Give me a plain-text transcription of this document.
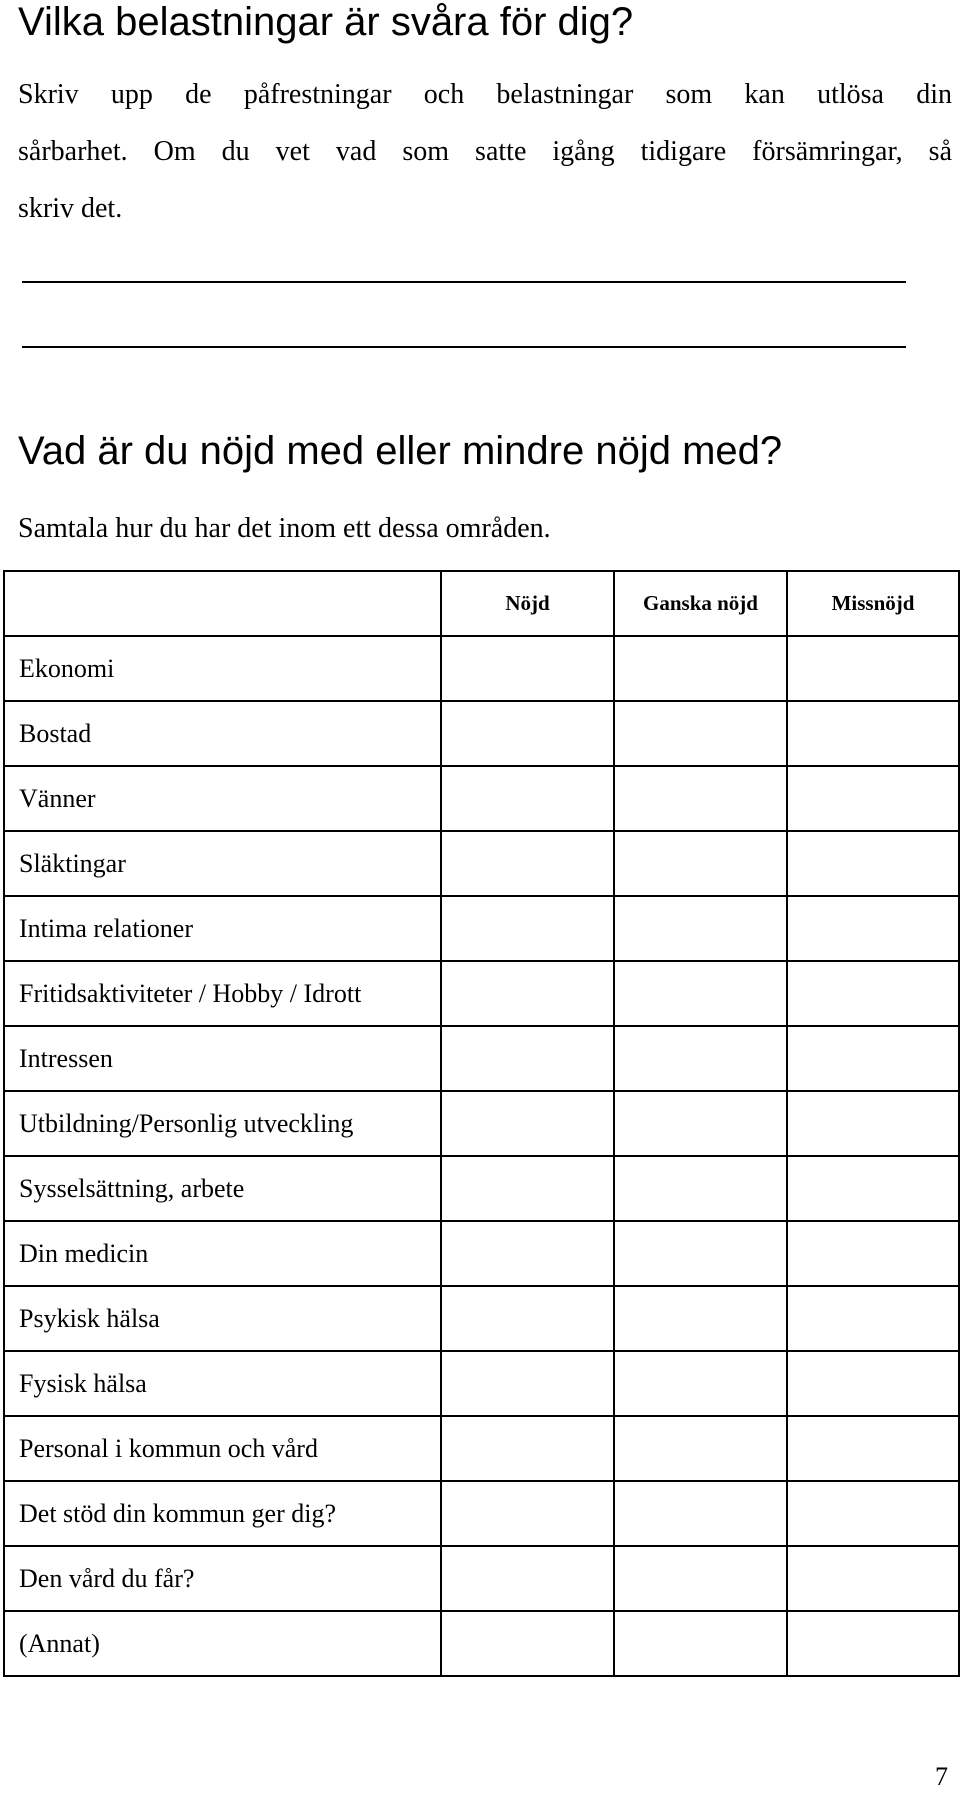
Vilka belastningar är svåra för dig?
Skriv upp de påfrestningar och belastningar som kan utlösa din
sårbarhet. Om du vet vad som satte igång tidigare försämringar, så
skriv det.
Vad är du nöjd med eller mindre nöjd med?

Samtala hur du har det inom ett dessa områden.

	Nöjd	Ganska nöjd	Missnöjd
Ekonomi			
Bostad			
Vänner			
Släktingar			
Intima relationer			
Fritidsaktiviteter / Hobby / Idrott			
Intressen			
Utbildning/Personlig utveckling			
Sysselsättning, arbete			
Din medicin			
Psykisk hälsa			
Fysisk hälsa			
Personal i kommun och vård			
Det stöd din kommun ger dig?			
Den vård du får?			
(Annat)			
7
